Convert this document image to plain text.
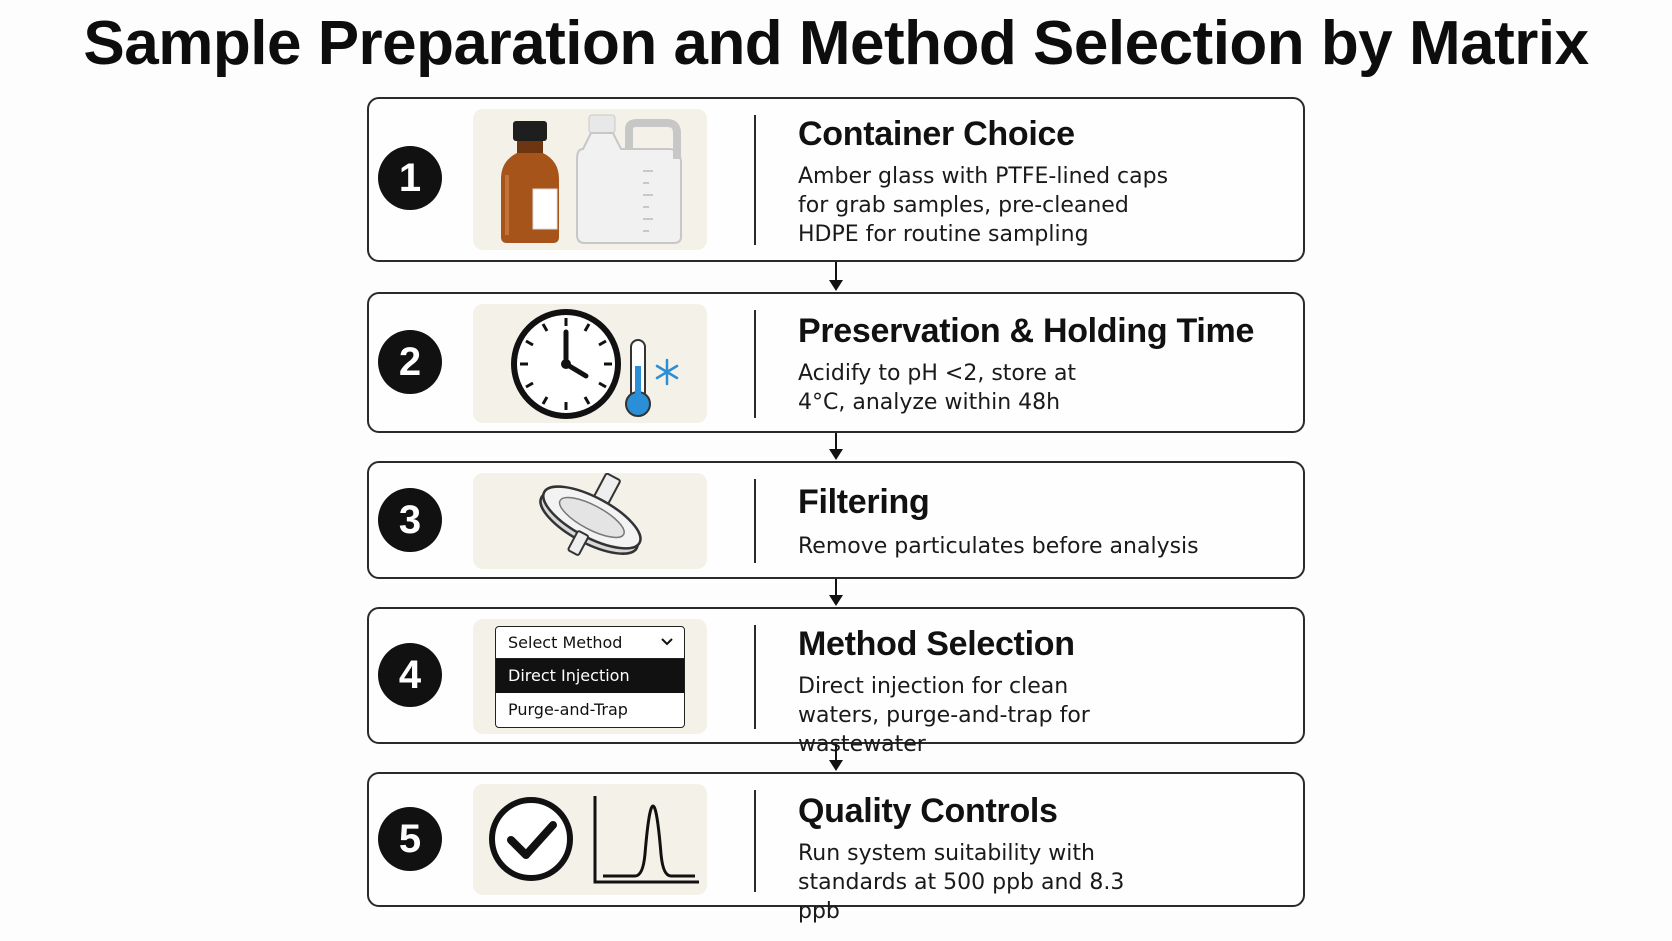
Sample Preparation and Method Selection by Matrix
1
Container Choice
Amber glass with PTFE-lined caps for grab samples, pre-cleaned HDPE for routine sampling
2
Preservation & Holding Time
Acidify to pH <2, store at 4°C, analyze within 48h
3	Filtering
Remove particulates before analysis
4
Select Method
Direct Injection
Purge-and-Trap
Method Selection
Direct injection for clean waters, purge-and-trap for wastewater
5
Quality Controls
Run system suitability with standards at 500 ppb and 8.3 ppb
